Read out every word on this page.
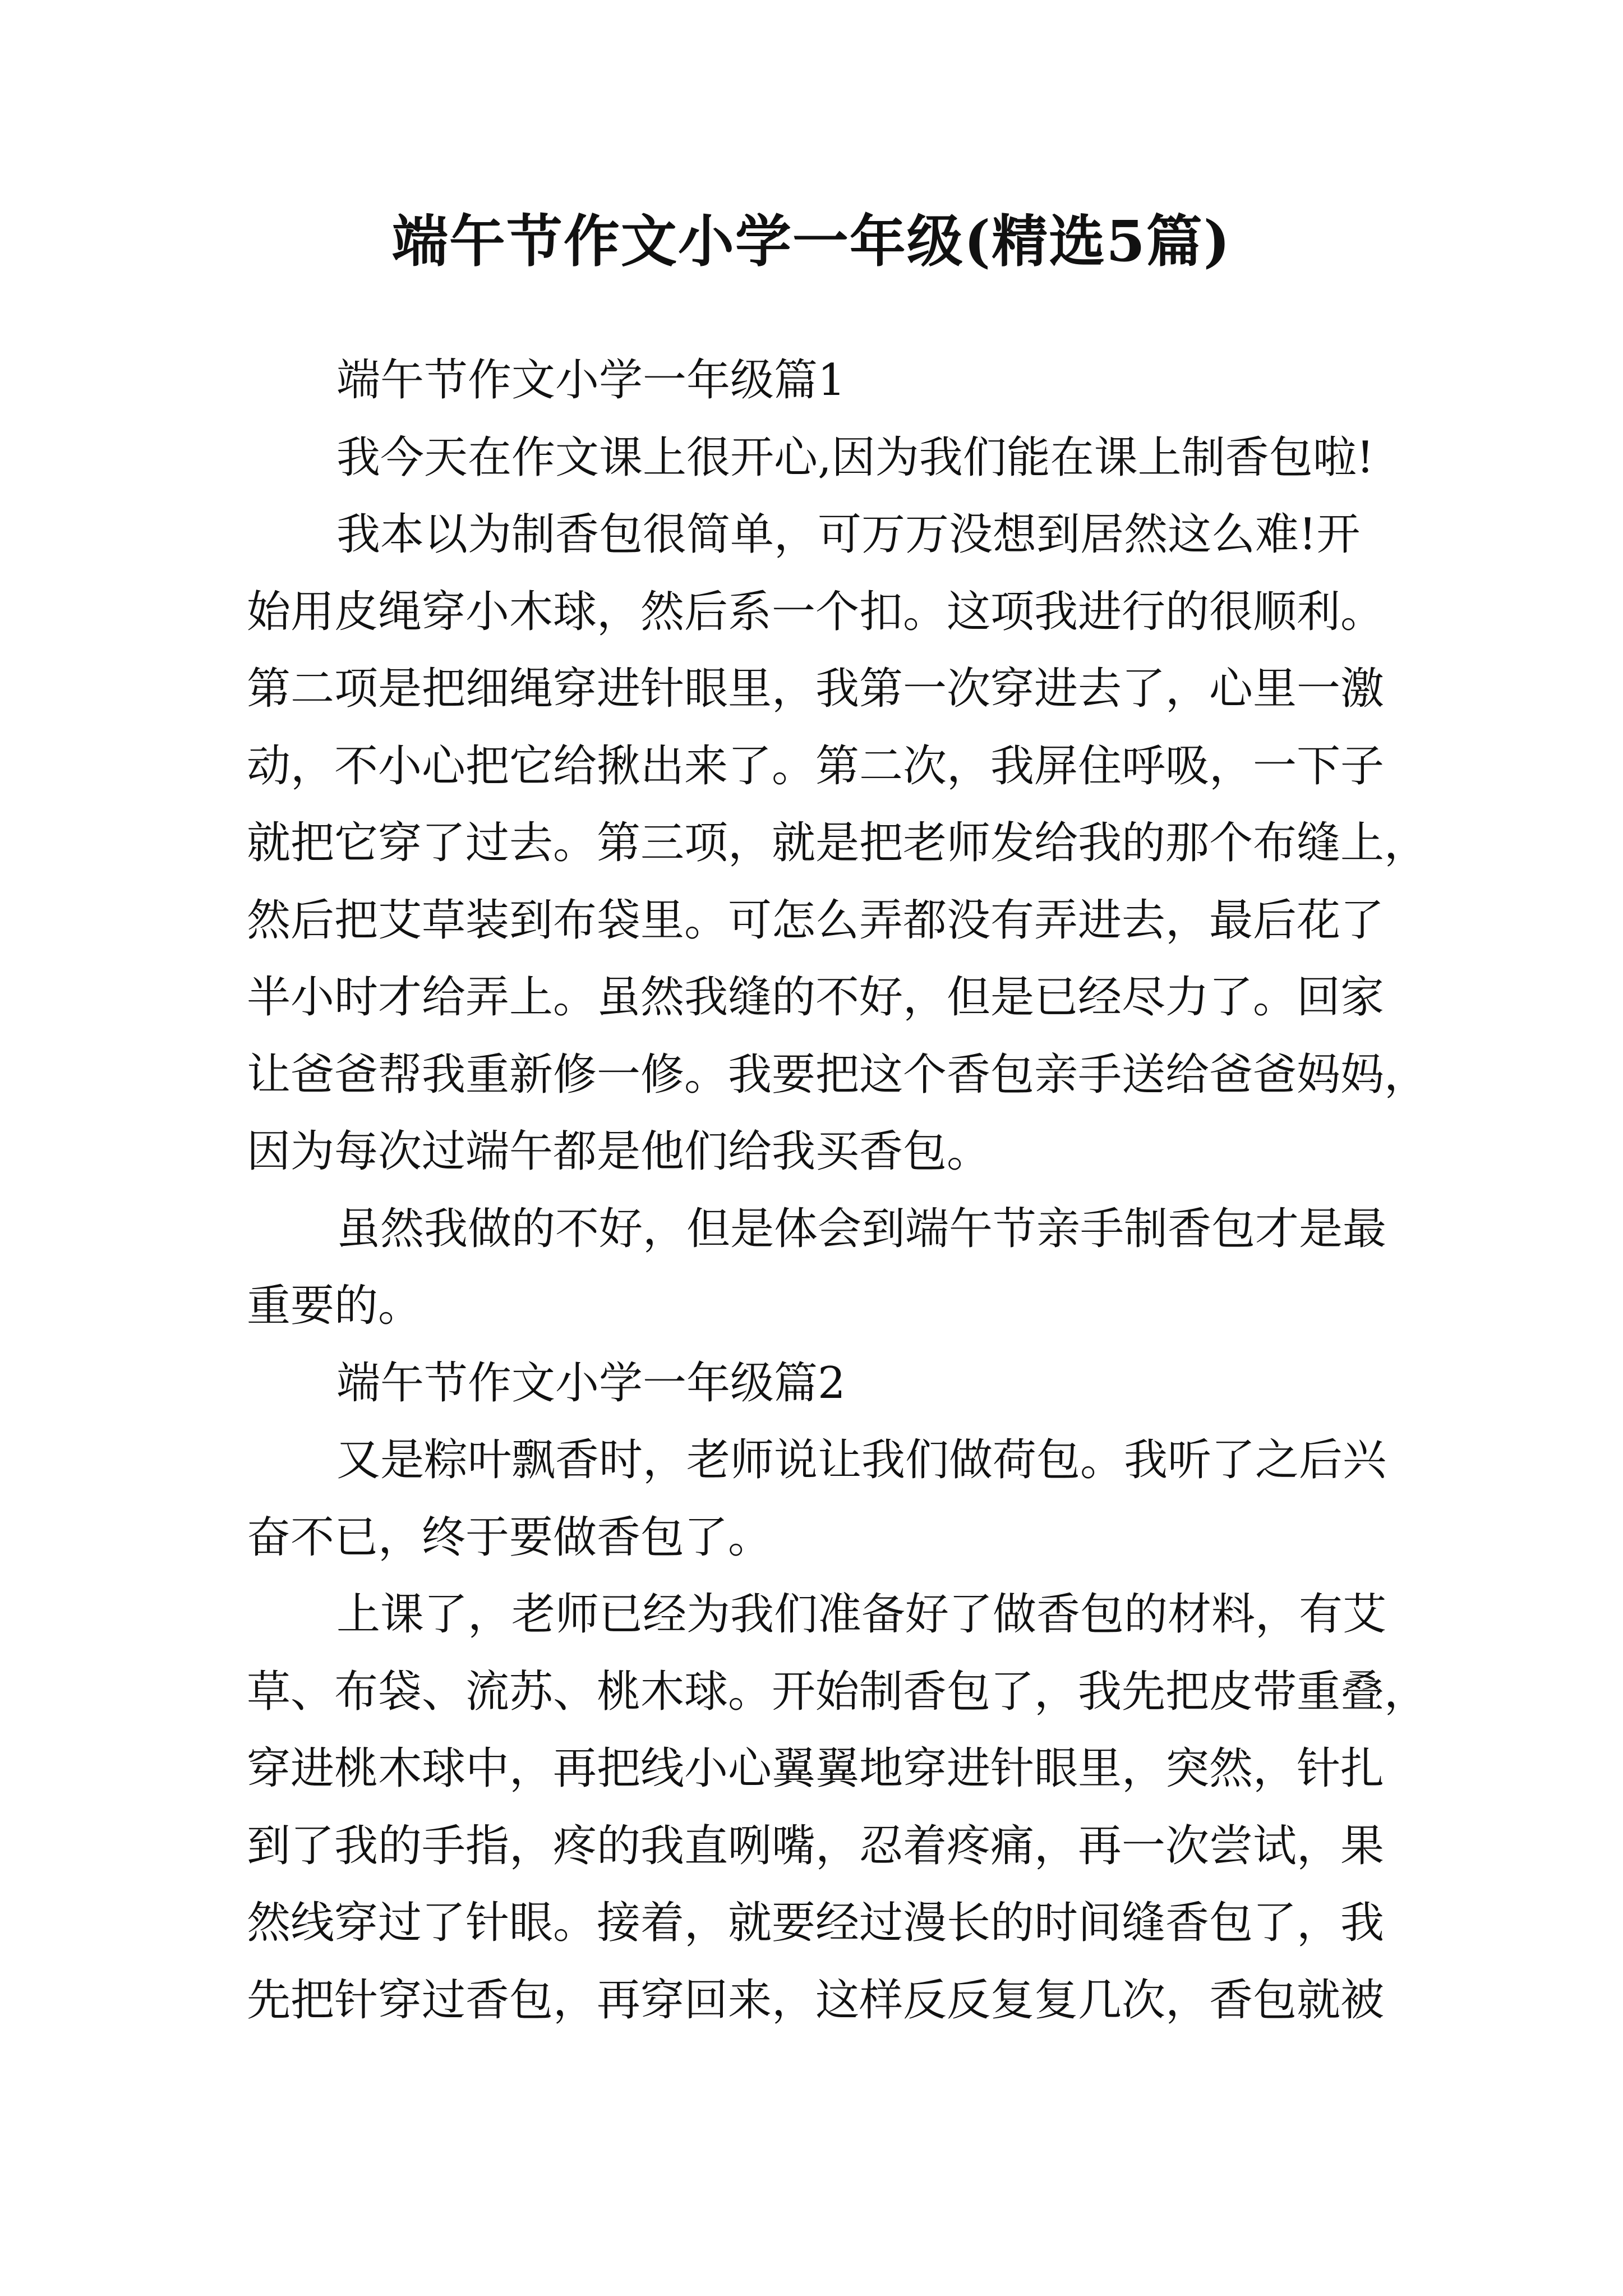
端午节作文小学一年级(精选5篇)
端午节作文小学一年级篇1
我今天在作文课上很开心,因为我们能在课上制香包啦!
我本以为制香包很简单，可万万没想到居然这么难!开
始用皮绳穿小木球，然后系一个扣。这项我进行的很顺利。
第二项是把细绳穿进针眼里，我第一次穿进去了，心里一激
动，不小心把它给揪出来了。第二次，我屏住呼吸，一下子
就把它穿了过去。第三项，就是把老师发给我的那个布缝上，
然后把艾草装到布袋里。可怎么弄都没有弄进去，最后花了
半小时才给弄上。虽然我缝的不好，但是已经尽力了。回家
让爸爸帮我重新修一修。我要把这个香包亲手送给爸爸妈妈，
因为每次过端午都是他们给我买香包。
虽然我做的不好，但是体会到端午节亲手制香包才是最
重要的。
端午节作文小学一年级篇2
又是粽叶飘香时，老师说让我们做荷包。我听了之后兴
奋不已，终于要做香包了。
上课了，老师已经为我们准备好了做香包的材料，有艾
草、布袋、流苏、桃木球。开始制香包了，我先把皮带重叠，
穿进桃木球中，再把线小心翼翼地穿进针眼里，突然，针扎
到了我的手指，疼的我直咧嘴，忍着疼痛，再一次尝试，果
然线穿过了针眼。接着，就要经过漫长的时间缝香包了，我
先把针穿过香包，再穿回来，这样反反复复几次，香包就被
